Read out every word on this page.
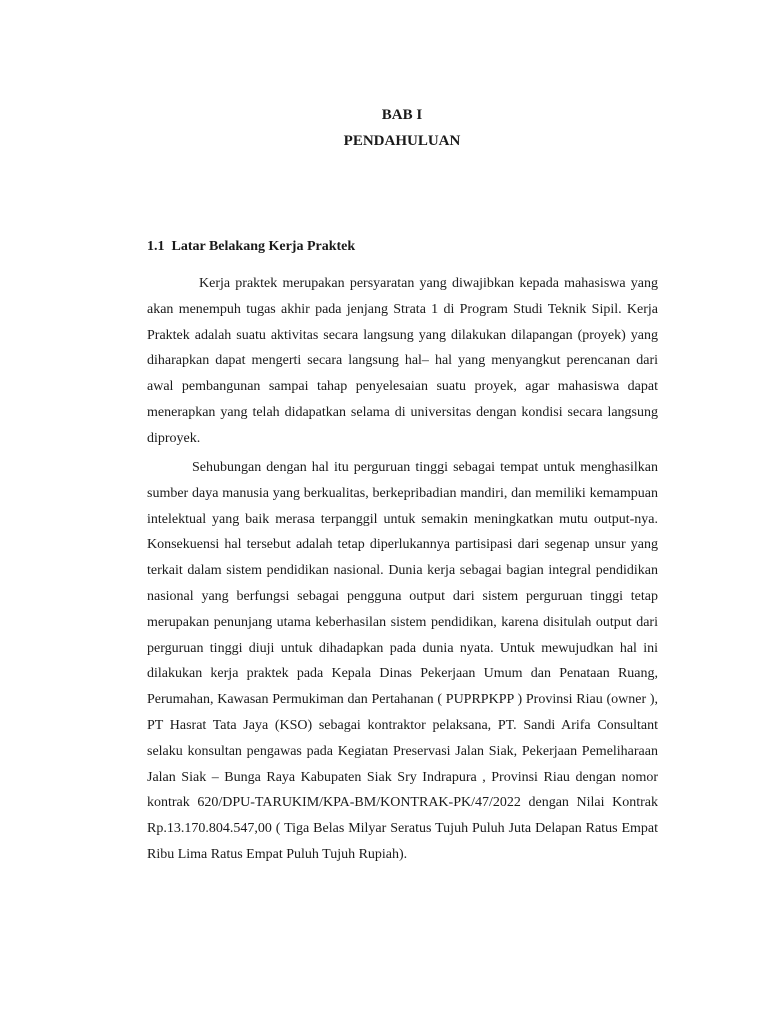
BAB I
PENDAHULUAN
1.1  Latar Belakang Kerja Praktek

Kerja praktek merupakan persyaratan yang diwajibkan kepada mahasiswa yang akan menempuh tugas akhir pada jenjang Strata 1 di Program Studi Teknik Sipil. Kerja Praktek adalah suatu aktivitas secara langsung yang dilakukan dilapangan (proyek) yang diharapkan dapat mengerti secara langsung hal– hal yang menyangkut perencanan dari awal pembangunan sampai tahap penyelesaian suatu proyek, agar mahasiswa dapat menerapkan yang telah didapatkan selama di universitas dengan kondisi secara langsung diproyek.

Sehubungan dengan hal itu perguruan tinggi sebagai tempat untuk menghasilkan sumber daya manusia yang berkualitas, berkepribadian mandiri, dan memiliki kemampuan intelektual yang baik merasa terpanggil untuk semakin meningkatkan mutu output-nya. Konsekuensi hal tersebut adalah tetap diperlukannya partisipasi dari segenap unsur yang terkait dalam sistem pendidikan nasional. Dunia kerja sebagai bagian integral pendidikan nasional yang berfungsi sebagai pengguna output dari sistem perguruan tinggi tetap merupakan penunjang utama keberhasilan sistem pendidikan, karena disitulah output dari perguruan tinggi diuji untuk dihadapkan pada dunia nyata. Untuk mewujudkan hal ini dilakukan kerja praktek pada Kepala Dinas Pekerjaan Umum dan Penataan Ruang, Perumahan, Kawasan Permukiman dan Pertahanan ( PUPRPKPP ) Provinsi Riau (owner ), PT Hasrat Tata Jaya (KSO) sebagai kontraktor pelaksana, PT. Sandi Arifa Consultant selaku konsultan pengawas pada Kegiatan Preservasi Jalan Siak, Pekerjaan Pemeliharaan Jalan Siak – Bunga Raya Kabupaten Siak Sry Indrapura , Provinsi Riau dengan nomor kontrak 620/DPU-TARUKIM/KPA-BM/KONTRAK-PK/47/2022 dengan Nilai Kontrak Rp.13.170.804.547,00 ( Tiga Belas Milyar Seratus Tujuh Puluh Juta Delapan Ratus Empat Ribu Lima Ratus Empat Puluh Tujuh Rupiah).
